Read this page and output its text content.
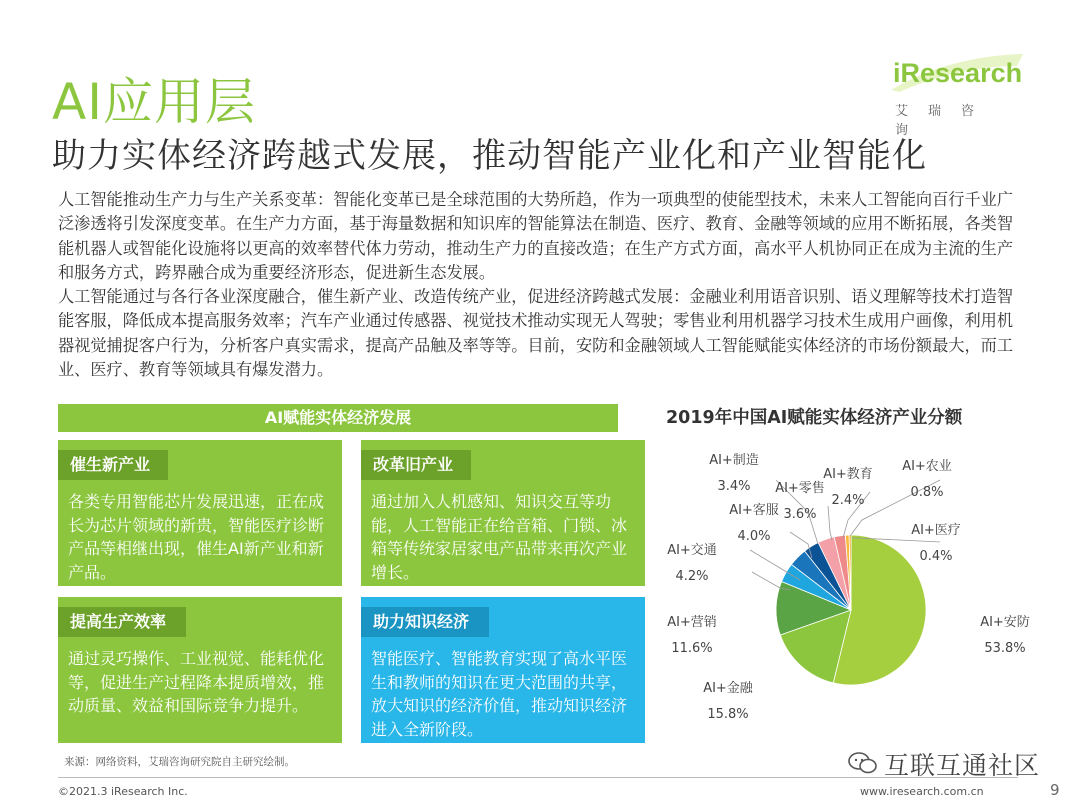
AI应用层
助力实体经济跨越式发展，推动智能产业化和产业智能化
iResearch
艾瑞咨询

人工智能推动生产力与生产关系变革：智能化变革已是全球范围的大势所趋，作为一项典型的使能型技术，未来人工智能向百行千业广泛渗透将引发深度变革。在生产力方面，基于海量数据和知识库的智能算法在制造、医疗、教育、金融等领域的应用不断拓展，各类智能机器人或智能化设施将以更高的效率替代体力劳动，推动生产力的直接改造；在生产方式方面，高水平人机协同正在成为主流的生产和服务方式，跨界融合成为重要经济形态，促进新生态发展。

人工智能通过与各行各业深度融合，催生新产业、改造传统产业，促进经济跨越式发展：金融业利用语音识别、语义理解等技术打造智能客服，降低成本提高服务效率；汽车产业通过传感器、视觉技术推动实现无人驾驶；零售业利用机器学习技术生成用户画像，利用机器视觉捕捉客户行为，分析客户真实需求，提高产品触及率等等。目前，安防和金融领域人工智能赋能实体经济的市场份额最大，而工业、医疗、教育等领域具有爆发潜力。

AI赋能实体经济发展
催生新产业
各类专用智能芯片发展迅速，正在成长为芯片领域的新贵，智能医疗诊断产品等相继出现，催生AI新产业和新产品。
改革旧产业
通过加入人机感知、知识交互等功能，人工智能正在给音箱、门锁、冰箱等传统家居家电产品带来再次产业增长。
提高生产效率
通过灵巧操作、工业视觉、能耗优化等，促进生产过程降本提质增效，推动质量、效益和国际竞争力提升。
助力知识经济
智能医疗、智能教育实现了高水平医生和教师的知识在更大范围的共享，放大知识的经济价值，推动知识经济进入全新阶段。
2019年中国AI赋能实体经济产业分额
AI+安防
53.8%
AI+金融
15.8%
AI+营销
11.6%
AI+交通
4.2%
AI+客服
4.0%
AI+制造
3.4% AI+零售
3.6%
AI+教育
2.4%
AI+农业
0.8%
AI+医疗
0.4%
来源：网络资料，艾瑞咨询研究院自主研究绘制。
©2021.3 iResearch Inc.	www.iresearch.com.cn	9
互联互通社区
